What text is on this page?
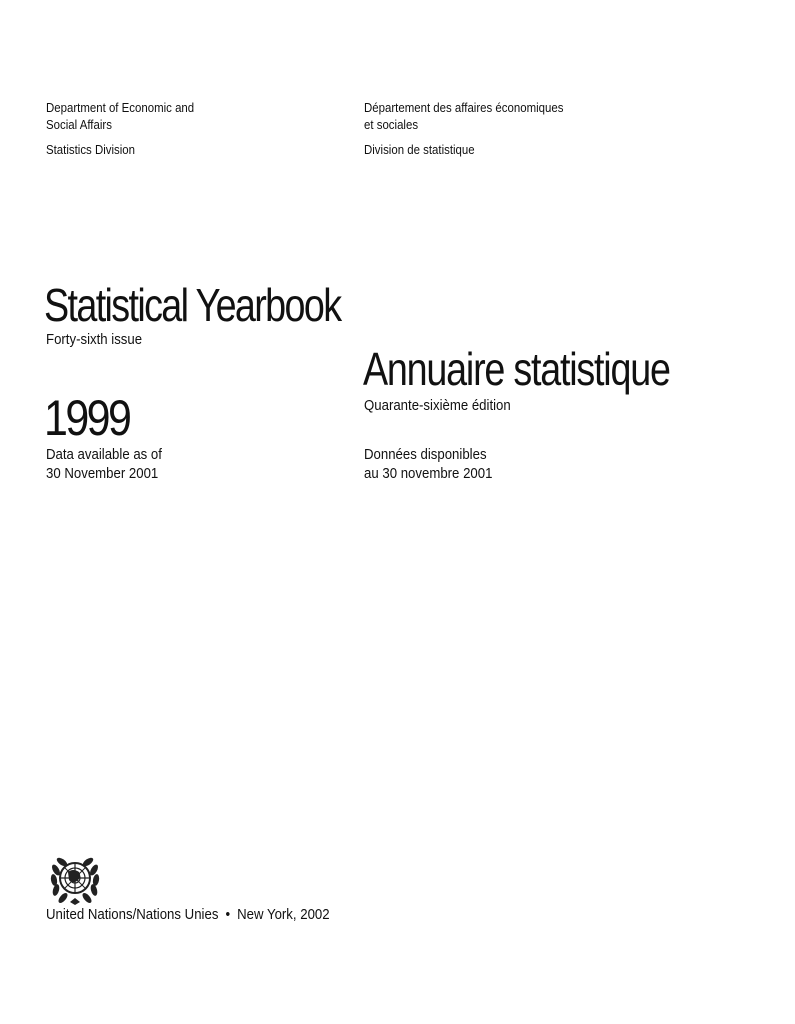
Department of Economic and
Social Affairs
Statistics Division
Département des affaires économiques
et sociales
Division de statistique
Statistical Yearbook
Forty-sixth issue
Annuaire statistique
Quarante-sixième édition
1999
Data available as of
30 November 2001
Données disponibles
au 30 novembre 2001
United Nations/Nations Unies • New York, 2002
